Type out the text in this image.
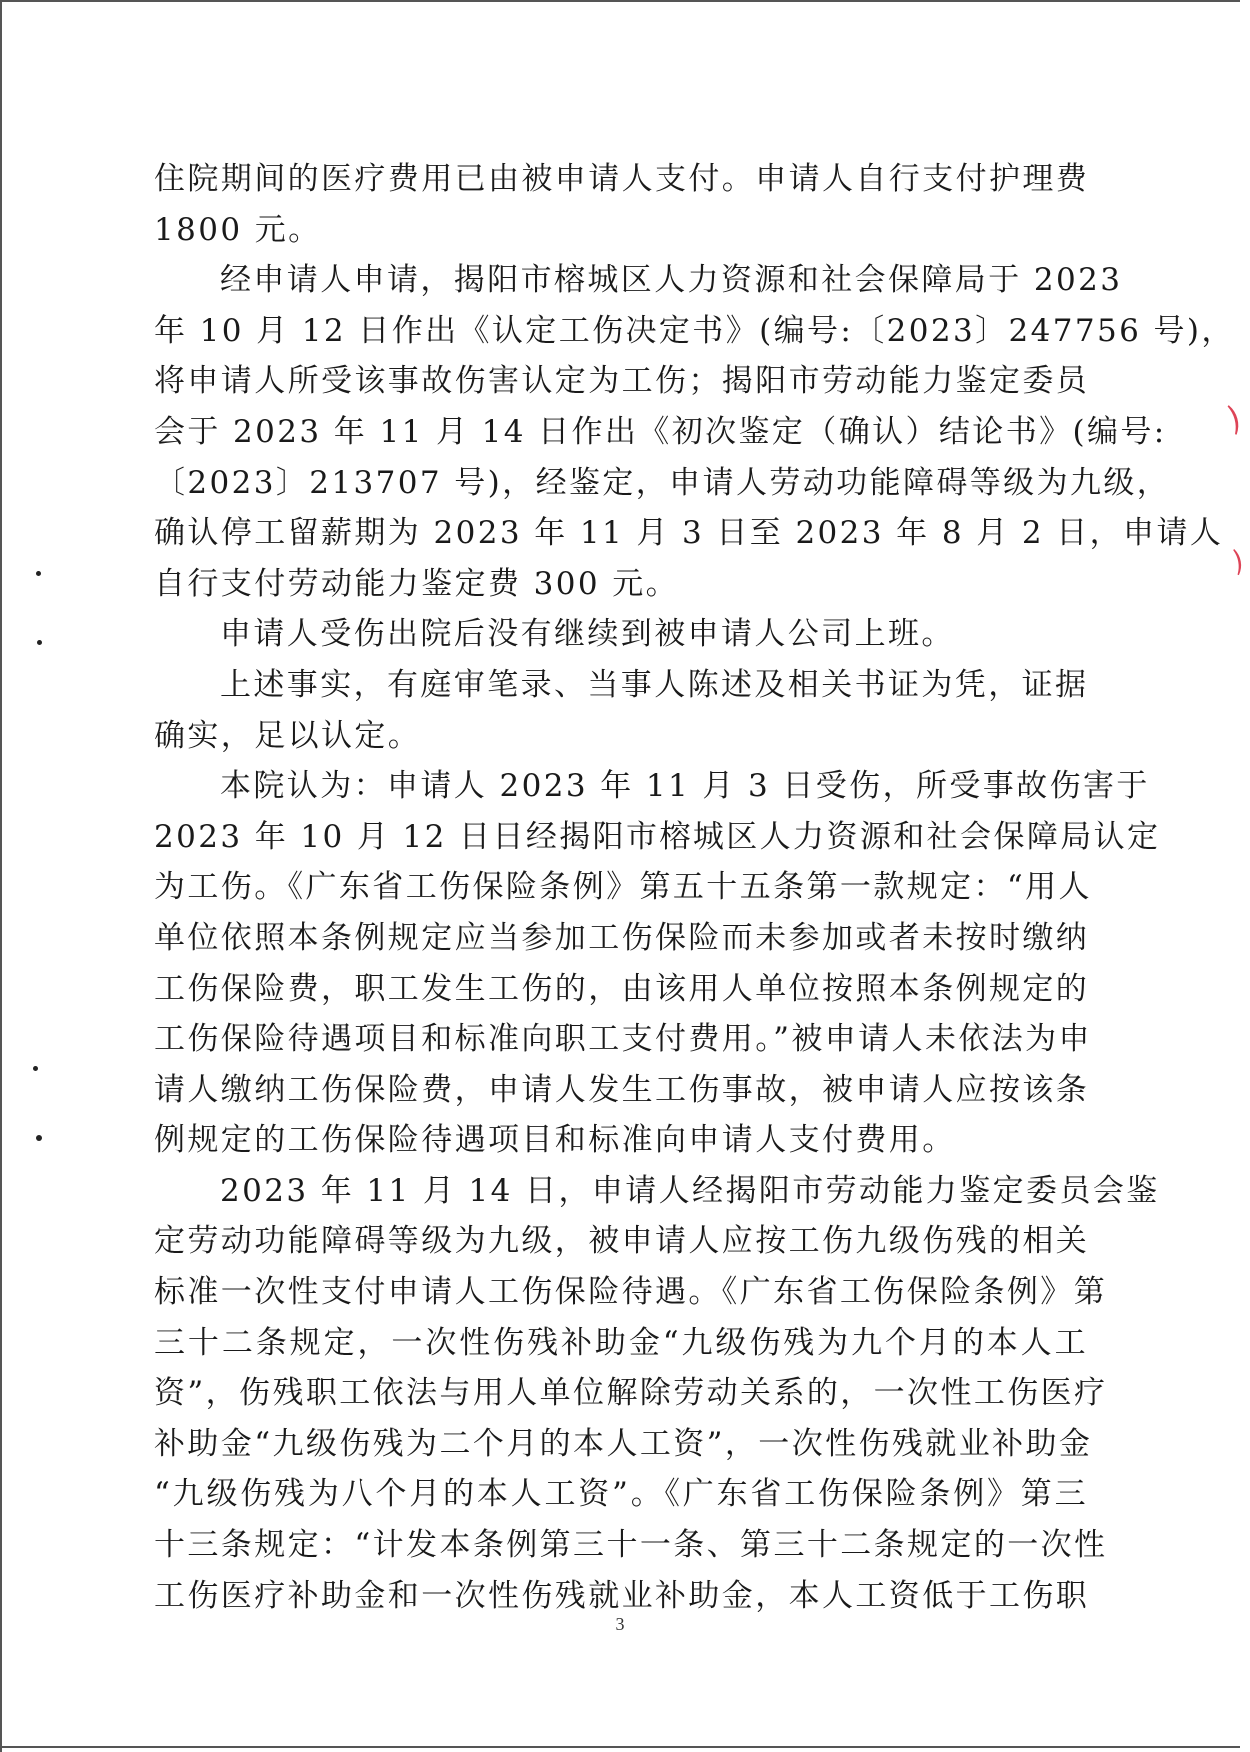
住院期间的医疗费用已由被申请人支付。申请人自行支付护理费
1800 元。
经申请人申请，揭阳市榕城区人力资源和社会保障局于 2023
年 10 月 12 日作出《认定工伤决定书》(编号:〔2023〕247756 号)，
将申请人所受该事故伤害认定为工伤；揭阳市劳动能力鉴定委员
会于 2023 年 11 月 14 日作出《初次鉴定（确认）结论书》(编号:
〔2023〕213707 号)，经鉴定，申请人劳动功能障碍等级为九级，
确认停工留薪期为 2023 年 11 月 3 日至 2023 年 8 月 2 日，申请人
自行支付劳动能力鉴定费 300 元。
申请人受伤出院后没有继续到被申请人公司上班。
上述事实，有庭审笔录、当事人陈述及相关书证为凭，证据
确实，足以认定。
本院认为：申请人 2023 年 11 月 3 日受伤，所受事故伤害于
2023 年 10 月 12 日日经揭阳市榕城区人力资源和社会保障局认定
为工伤。《广东省工伤保险条例》第五十五条第一款规定：“用人
单位依照本条例规定应当参加工伤保险而未参加或者未按时缴纳
工伤保险费，职工发生工伤的，由该用人单位按照本条例规定的
工伤保险待遇项目和标准向职工支付费用。”被申请人未依法为申
请人缴纳工伤保险费，申请人发生工伤事故，被申请人应按该条
例规定的工伤保险待遇项目和标准向申请人支付费用。
2023 年 11 月 14 日，申请人经揭阳市劳动能力鉴定委员会鉴
定劳动功能障碍等级为九级，被申请人应按工伤九级伤残的相关
标准一次性支付申请人工伤保险待遇。《广东省工伤保险条例》第
三十二条规定，一次性伤残补助金“九级伤残为九个月的本人工
资”，伤残职工依法与用人单位解除劳动关系的，一次性工伤医疗
补助金“九级伤残为二个月的本人工资”，一次性伤残就业补助金
“九级伤残为八个月的本人工资”。《广东省工伤保险条例》第三
十三条规定：“计发本条例第三十一条、第三十二条规定的一次性
工伤医疗补助金和一次性伤残就业补助金，本人工资低于工伤职
3
⌒
⌒
